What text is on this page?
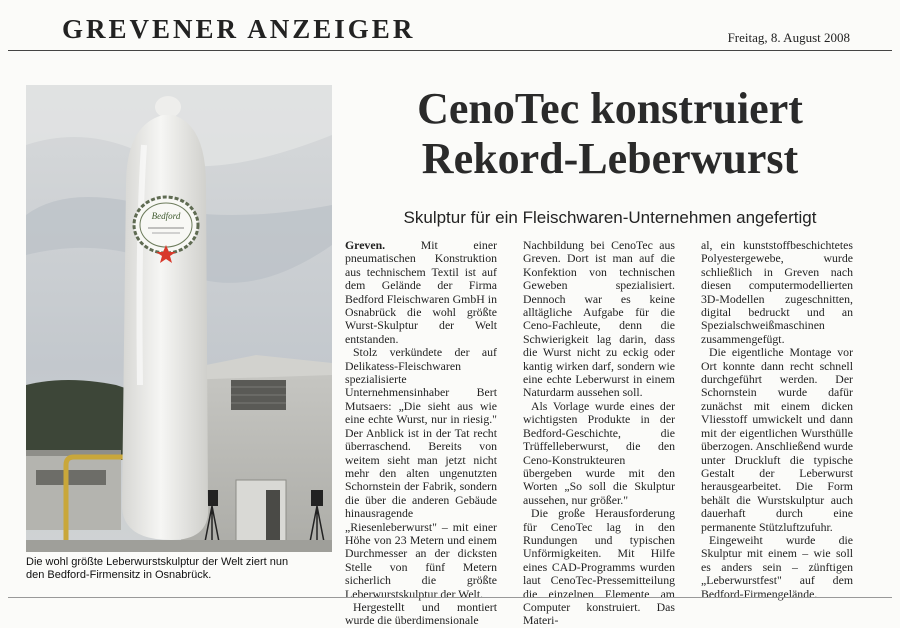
GREVENER ANZEIGER	Freitag, 8. August 2008
Bedford
Die wohl größte Leberwurstskulptur der Welt ziert nun
den Bedford-Firmensitz in Osnabrück.
CenoTec konstruiert
Rekord-Leberwurst
Skulptur für ein Fleischwaren-Unternehmen angefertigt

Greven.	Mit einer pneumatischen Konstruktion aus technischem Textil ist auf dem Gelände der Firma Bedford Fleischwaren GmbH in Osnabrück die wohl größte Wurst-Skulptur der Welt entstanden.

Stolz verkündete der auf Delikatess-Fleischwaren spezialisierte Unternehmensinhaber Bert Mutsaers: „Die sieht aus wie eine echte Wurst, nur in riesig." Der Anblick ist in der Tat recht überraschend. Bereits von weitem sieht man jetzt nicht mehr den alten ungenutzten Schornstein der Fabrik, sondern die über die anderen Gebäude hinausragende „Riesenleberwurst" – mit einer Höhe von 23 Metern und einem Durchmesser an der dicksten Stelle von fünf Metern sicherlich die größte Leberwurstskulptur der Welt.

Hergestellt und montiert wurde die überdimensionale

Nachbildung bei CenoTec aus Greven. Dort ist man auf die Konfektion von technischen Geweben spezialisiert. Dennoch war es keine alltägliche Aufgabe für die Ceno-Fachleute, denn die Schwierigkeit lag darin, dass die Wurst nicht zu eckig oder kantig wirken darf, sondern wie eine echte Leberwurst in einem Naturdarm aussehen soll.

Als Vorlage wurde eines der wichtigsten Produkte in der Bedford-Geschichte, die Trüffelleberwurst, die den Ceno-Konstrukteuren übergeben wurde mit den Worten „So soll die Skulptur aussehen, nur größer."

Die große Herausforderung für CenoTec lag in den Rundungen und typischen Unförmigkeiten. Mit Hilfe eines CAD-Programms wurden laut CenoTec-Pressemitteilung die einzelnen Elemente am Computer konstruiert. Das Materi-

al, ein kunststoffbeschichtetes Polyestergewebe, wurde schließlich in Greven nach diesen computermodellierten 3D-Modellen zugeschnitten, digital bedruckt und an Spezialschweißmaschinen zusammengefügt.

Die eigentliche Montage vor Ort konnte dann recht schnell durchgeführt werden. Der Schornstein wurde dafür zunächst mit einem dicken Vliesstoff umwickelt und dann mit der eigentlichen Wursthülle überzogen. Anschließend wurde unter Druckluft die typische Gestalt der Leberwurst herausgearbeitet. Die Form behält die Wurstskulptur auch dauerhaft durch eine permanente Stützluftzufuhr.

Eingeweiht wurde die Skulptur mit einem – wie soll es anders sein – zünftigen „Leberwurstfest" auf dem Bedford-Firmengelände.
